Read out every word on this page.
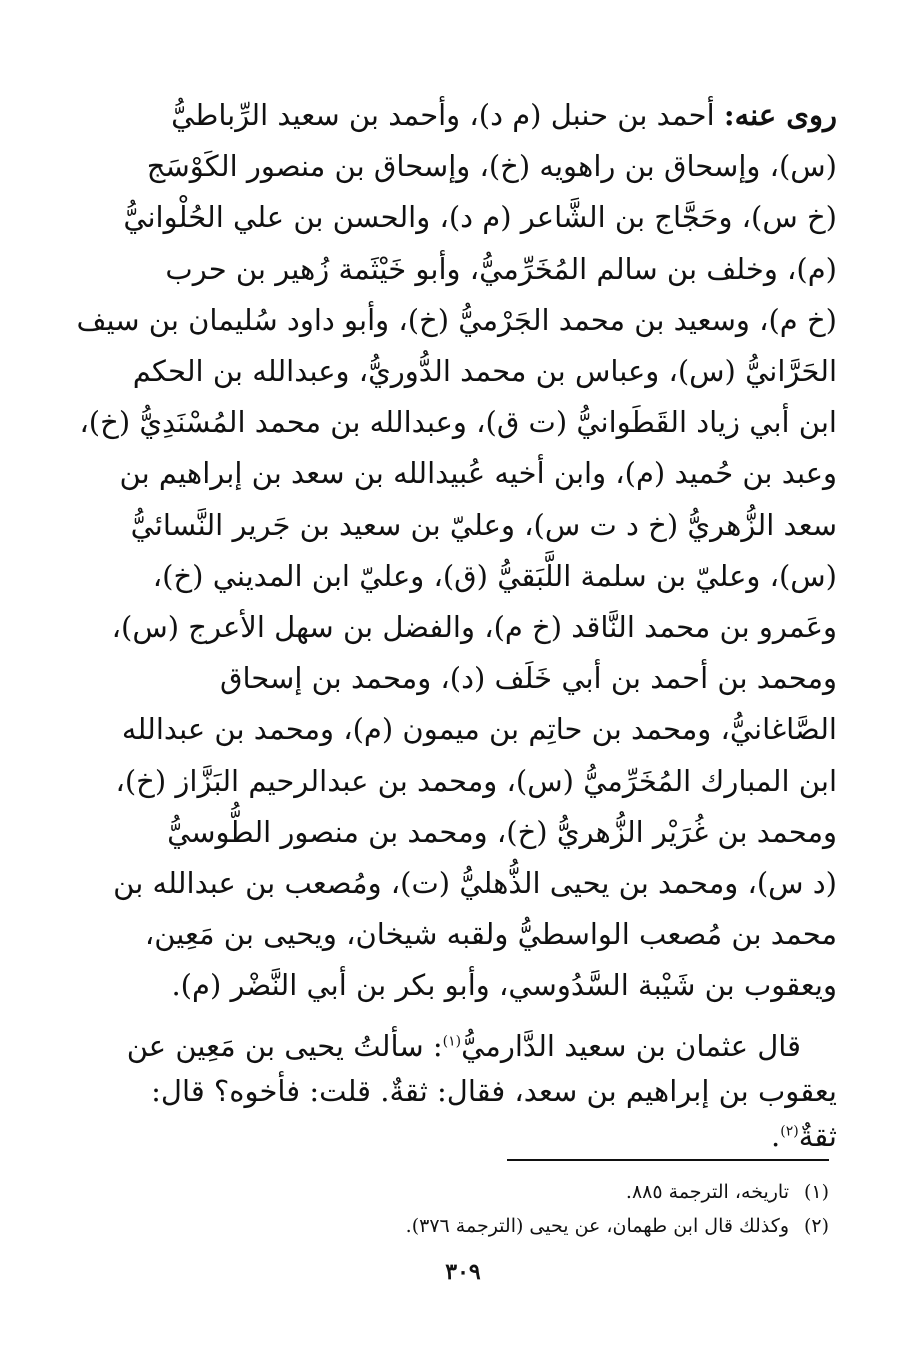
روى عنه: أحمد بن حنبل (م د)، وأحمد بن سعيد الرِّباطيُّ
(س)، وإسحاق بن راهويه (خ)، وإسحاق بن منصور الكَوْسَج
(خ س)، وحَجَّاج بن الشَّاعر (م د)، والحسن بن علي الحُلْوانيُّ
(م)، وخلف بن سالم المُخَرِّميُّ، وأبو خَيْثَمة زُهير بن حرب
(خ م)، وسعيد بن محمد الجَرْميُّ (خ)، وأبو داود سُليمان بن سيف
الحَرَّانيُّ (س)، وعباس بن محمد الدُّوريُّ، وعبدالله بن الحكم
ابن أبي زياد القَطَوانيُّ (ت ق)، وعبدالله بن محمد المُسْنَدِيُّ (خ)،
وعبد بن حُميد (م)، وابن أخيه عُبيدالله بن سعد بن إبراهيم بن
سعد الزُّهريُّ (خ د ت س)، وعليّ بن سعيد بن جَرير النَّسائيُّ
(س)، وعليّ بن سلمة اللَّبَقيُّ (ق)، وعليّ ابن المديني (خ)،
وعَمرو بن محمد النَّاقد (خ م)، والفضل بن سهل الأعرج (س)،
ومحمد بن أحمد بن أبي خَلَف (د)، ومحمد بن إسحاق
الصَّاغانيُّ، ومحمد بن حاتِم بن ميمون (م)، ومحمد بن عبدالله
ابن المبارك المُخَرِّميُّ (س)، ومحمد بن عبدالرحيم البَزَّاز (خ)،
ومحمد بن غُرَيْر الزُّهريُّ (خ)، ومحمد بن منصور الطُّوسيُّ
(د س)، ومحمد بن يحيى الذُّهليُّ (ت)، ومُصعب بن عبدالله بن
محمد بن مُصعب الواسطيُّ ولقبه شيخان، ويحيى بن مَعِين،
ويعقوب بن شَيْبة السَّدُوسي، وأبو بكر بن أبي النَّضْر (م).
قال عثمان بن سعيد الدَّارميُّ$^{(١)}$: سألتُ يحيى بن مَعِين عن
يعقوب بن إبراهيم بن سعد، فقال: ثقةٌ. قلت: فأخوه؟ قال:
ثقةٌ$^{(٢)}$.
(١)تاريخه، الترجمة ٨٨٥.
(٢)وكذلك قال ابن طهمان، عن يحيى (الترجمة ٣٧٦).
٣٠٩
